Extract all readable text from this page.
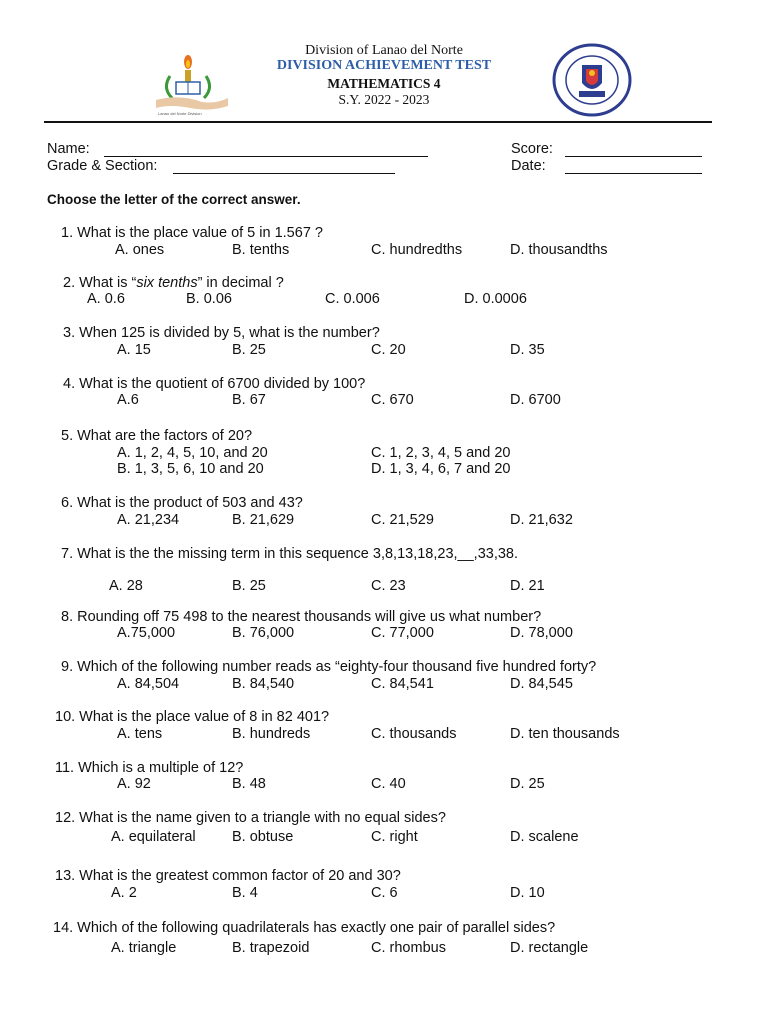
Division of Lanao del Norte
DIVISION ACHIEVEMENT TEST
MATHEMATICS 4
S.Y. 2022 - 2023
Lanao del Norte Division
Name:	Score:
Grade & Section:	Date:
Choose the letter of the correct answer.
1. What is the place value of 5 in 1.567 ?
A. ones	B. tenths	C. hundredths	D. thousandths
2. What is “six tenths” in decimal ?
A. 0.6	B. 0.06	C. 0.006	D. 0.0006
3. When 125 is divided by 5, what is the number?
A. 15	B. 25	C. 20	D. 35
4. What is the quotient of 6700 divided by 100?
A.6	B. 67	C. 670	D. 6700
5. What are the factors of 20?
A. 1, 2, 4, 5, 10, and 20	C. 1, 2, 3, 4, 5 and 20
B. 1, 3, 5, 6, 10 and 20	D. 1, 3, 4, 6, 7 and 20
6. What is the product of 503 and 43?
A. 21,234	B. 21,629	C. 21,529	D. 21,632
7. What is the the missing term in this sequence 3,8,13,18,23,__,33,38.
A. 28	B. 25	C. 23	D. 21
8. Rounding off 75 498 to the nearest thousands will give us what number?
A.75,000	B. 76,000	C. 77,000	D. 78,000
9. Which of the following number reads as “eighty-four thousand five hundred forty?
A. 84,504	B. 84,540	C. 84,541	D. 84,545
10. What is the place value of 8 in 82 401?
A. tens	B. hundreds	C. thousands	D. ten thousands
11. Which is a multiple of 12?
A. 92	B. 48	C. 40	D. 25
12. What is the name given to a triangle with no equal sides?
A. equilateral	B. obtuse	C. right	D. scalene
13. What is the greatest common factor of 20 and 30?
A. 2	B. 4	C. 6	D. 10
14. Which of the following quadrilaterals has exactly one pair of parallel sides?
A. triangle	B. trapezoid	C. rhombus	D. rectangle
